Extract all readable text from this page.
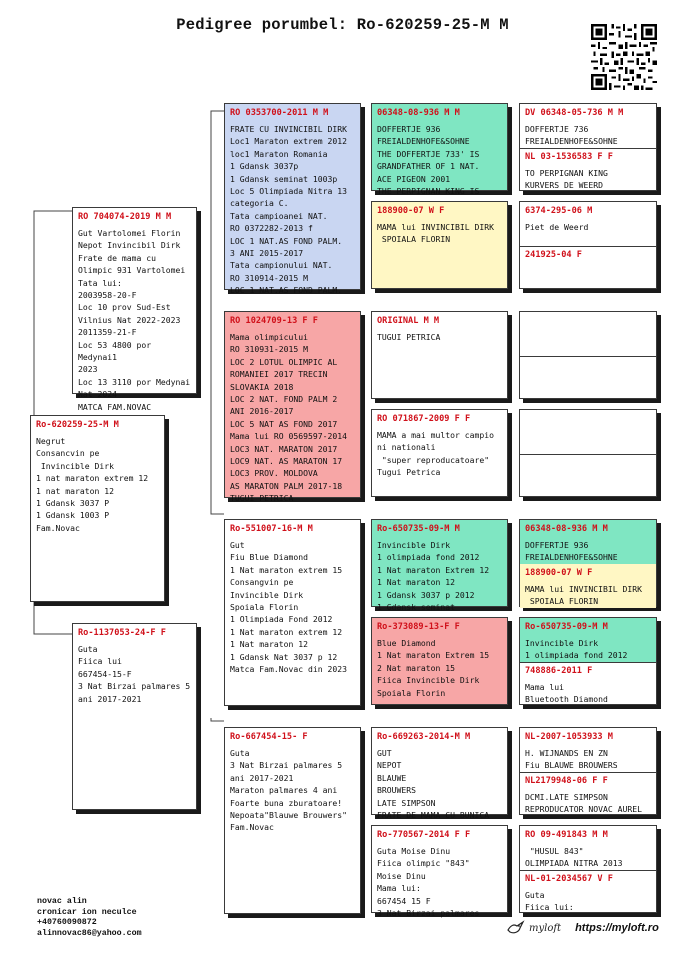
Pedigree porumbel: Ro-620259-25-M M
Ro-620259-25-M M
Negrut
Consancvin pe
Invincible Dirk
1 nat maraton extrem 12
1 nat maraton 12
1 Gdansk 3037 P
1 Gdansk 1003 P
Fam.Novac
RO 704074-2019 M M
Gut Vartolomei Florin
Nepot Invincibil Dirk
Frate de mama cu
Olimpic 931 Vartolomei
Tata lui:
2003958-20-F
Loc 10 prov Sud-Est
Vilnius Nat 2022-2023
2011359-21-F
Loc 53 4800 por Medynai1
2023
Loc 13 3110 por Medynai
Nat 2024
MATCA FAM.NOVAC
Ro-1137053-24-F F
Guta
Fiica lui
667454-15-F
3 Nat Birzai palmares 5
ani 2017-2021
RO 0353700-2011 M M
FRATE CU INVINCIBIL DIRK
Loc1 Maraton extrem 2012
loc1 Maraton Romania
1 Gdansk 3037p
1 Gdansk seminat 1003p
Loc 5 Olimpiada Nitra 13
categoria C.
Tata campioanei NAT.
RO 0372282-2013 f
LOC 1 NAT.AS FOND PALM.
3 ANI 2015-2017
Tata campionului NAT.
RO 310914-2015 M
LOC 1 NAT.AS FOND PALM.
RO 1024709-13 F F
Mama olimpicului
RO 310931-2015 M
LOC 2 LOTUL OLIMPIC AL
ROMANIEI 2017 TRECIN
SLOVAKIA 2018
LOC 2 NAT. FOND PALM 2
ANI 2016-2017
LOC 5 NAT AS FOND 2017
Mama lui RO 0569597-2014
LOC3 NAT. MARATON 2017
LOC9 NAT. AS MARATON 17
LOC3 PROV. MOLDOVA
AS MARATON PALM 2017-18
TUGUI PETRICA
Ro-551007-16-M M
Gut
Fiu Blue Diamond
1 Nat maraton extrem 15
Consangvin pe
Invincible Dirk
Spoiala Florin
1 Olimpiada Fond 2012
1 Nat maraton extrem 12
1 Nat maraton 12
1 Gdansk Nat 3037 p 12
Matca Fam.Novac din 2023
Ro-667454-15- F
Guta
3 Nat Birzai palmares 5
ani 2017-2021
Maraton palmares 4 ani
Foarte buna zburatoare!
Nepoata"Blauwe Brouwers"
Fam.Novac
06348-08-936 M M
DOFFERTJE 936
FREIALDENHOFE&SOHNE
THE DOFFERTJE 733' IS
GRANDFATHER OF 1 NAT.
ACE PIGEON 2001
THE PERPIGNAN KING IS
188900-07 W F
MAMA lui INVINCIBIL DIRK
SPOIALA FLORIN
ORIGINAL M M
TUGUI PETRICA
RO 071867-2009 F F
MAMA a mai multor campio
ni nationali
"super reproducatoare"
Tugui Petrica
Ro-650735-09-M M
Invincible Dirk
1 olimpiada fond 2012
1 Nat maraton Extrem 12
1 Nat maraton 12
1 Gdansk 3037 p 2012
1 Gdansk seminat
Ro-373089-13-F F
Blue Diamond
1 Nat maraton Extrem 15
2 Nat maraton 15
Fiica Invincible Dirk
Spoiala Florin
Ro-669263-2014-M M
GUT
NEPOT
BLAUWE
BROUWERS
LATE SIMPSON
FRATE DE MAMA CU BUNICA
Ro-770567-2014 F F
Guta Moise Dinu
Fiica olimpic "843"
Moise Dinu
Mama lui:
667454 15 F
3 Nat Birzai palmares
DV 06348-05-736 M M
DOFFERTJE 736
FREIALDENHOFE&SOHNE
NL 03-1536583 F F
TO PERPIGNAN KING
KURVERS DE WEERD
6374-295-06 M
Piet de Weerd
241925-04 F
06348-08-936 M M
DOFFERTJE 936
FREIALDENHOFE&SOHNE
188900-07 W F
MAMA lui INVINCIBIL DIRK
SPOIALA FLORIN
Ro-650735-09-M M
Invincible Dirk
1 olimpiada fond 2012
748886-2011 F
Mama lui
Bluetooth Diamond
NL-2007-1053933 M
H. WIJNANDS EN ZN
Fiu BLAUWE BROUWERS
NL2179948-06 F F
DCMI.LATE SIMPSON
REPRODUCATOR NOVAC AUREL
RO 09-491843 M M
"HUSUL 843"
OLIMPIADA NITRA 2013
NL-01-2034567 V F
Guta
Fiica lui:
novac alin
cronicar ion neculce
+40760090872
alinnovac86@yahoo.com	myloft https://myloft.ro
